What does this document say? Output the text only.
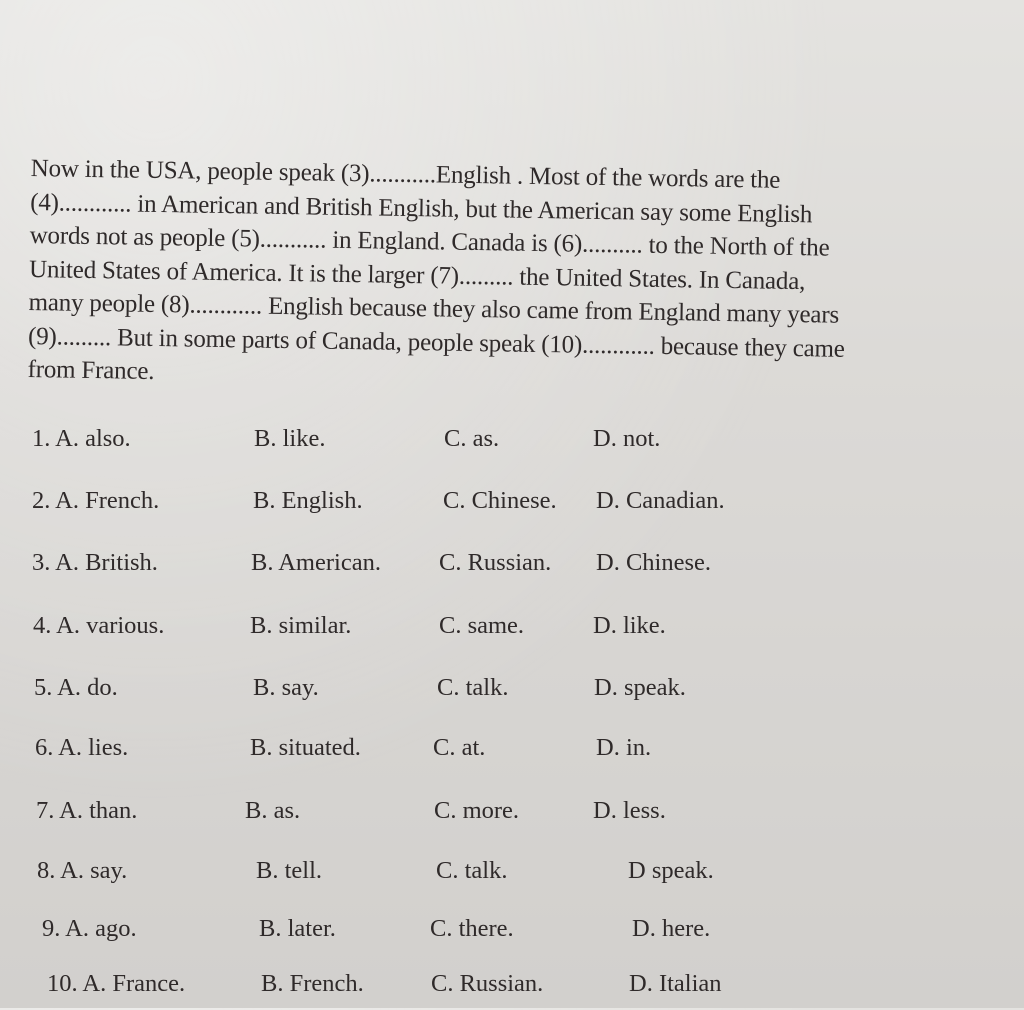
Now in the USA, people speak (3)...........English . Most of the words are the
(4)............ in American and British English, but the American say some English
words not as people (5)........... in England. Canada is (6).......... to the North of the
United States of America. It is the larger (7)......... the United States. In Canada,
many people (8)............ English because they also came from England many years
(9)......... But in some parts of Canada, people speak (10)............ because they came
from France.
1. A. also.	B. like.	C. as.	D. not.
2. A. French.	B. English.	C. Chinese. D. Canadian.
3. A. British.	B. American. C. Russian. D. Chinese.
4. A. various.	B. similar.	C. same.	D. like.
5. A. do.	B. say.	C. talk.	D. speak.
6. A. lies.	B. situated.	C. at.	D. in.
7. A. than.	B. as.	C. more.	D. less.
8. A. say.	B. tell.	C. talk.	D speak.
9. A. ago.	B. later.	C. there.	D. here.
10. A. France.	B. French.	C. Russian.	D. Italian
